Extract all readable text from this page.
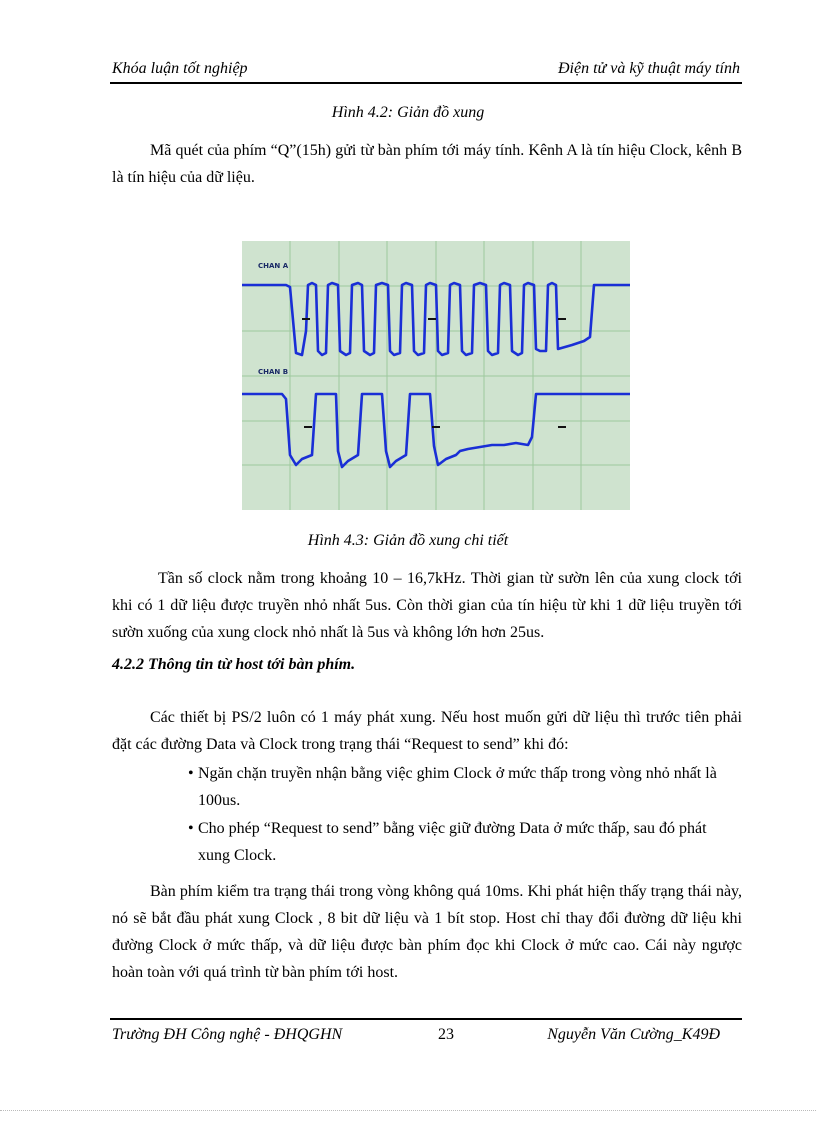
Khóa luận tốt nghiệp	Điện tử và kỹ thuật máy tính
Hình 4.2: Giản đồ xung

Mã quét của phím “Q”(15h) gửi từ bàn phím tới máy tính. Kênh A là tín hiệu Clock, kênh B là tín hiệu của dữ liệu.

CHAN A
CHAN B
Hình 4.3: Giản đồ xung chi tiết

Tần số clock nằm trong khoảng 10 – 16,7kHz. Thời gian từ sườn lên của xung clock tới khi có 1 dữ liệu được truyền nhỏ nhất 5us. Còn thời gian của tín hiệu từ khi 1 dữ liệu truyền tới sườn xuống của xung clock nhỏ nhất là 5us và không lớn hơn 25us.

4.2.2 Thông tin từ host tới bàn phím.

Các thiết bị PS/2 luôn có 1 máy phát xung. Nếu host muốn gửi dữ liệu thì trước tiên phải đặt các đường Data và Clock trong trạng thái “Request to send” khi đó:

• Ngăn chặn truyền nhận bằng việc ghim Clock ở mức thấp trong vòng nhỏ nhất là 100us.
• Cho phép “Request to send” bằng việc giữ đường Data ở mức thấp, sau đó phát xung Clock.

Bàn phím kiểm tra trạng thái trong vòng không quá 10ms. Khi phát hiện thấy trạng thái này, nó sẽ bắt đầu phát xung Clock , 8 bit dữ liệu và 1 bít stop. Host chỉ thay đổi đường dữ liệu khi đường Clock ở mức thấp, và dữ liệu được bàn phím đọc khi Clock ở mức cao. Cái này ngược hoàn toàn với quá trình từ bàn phím tới host.

Trường ĐH Công nghệ - ĐHQGHN	23	Nguyễn Văn Cường_K49Đ
